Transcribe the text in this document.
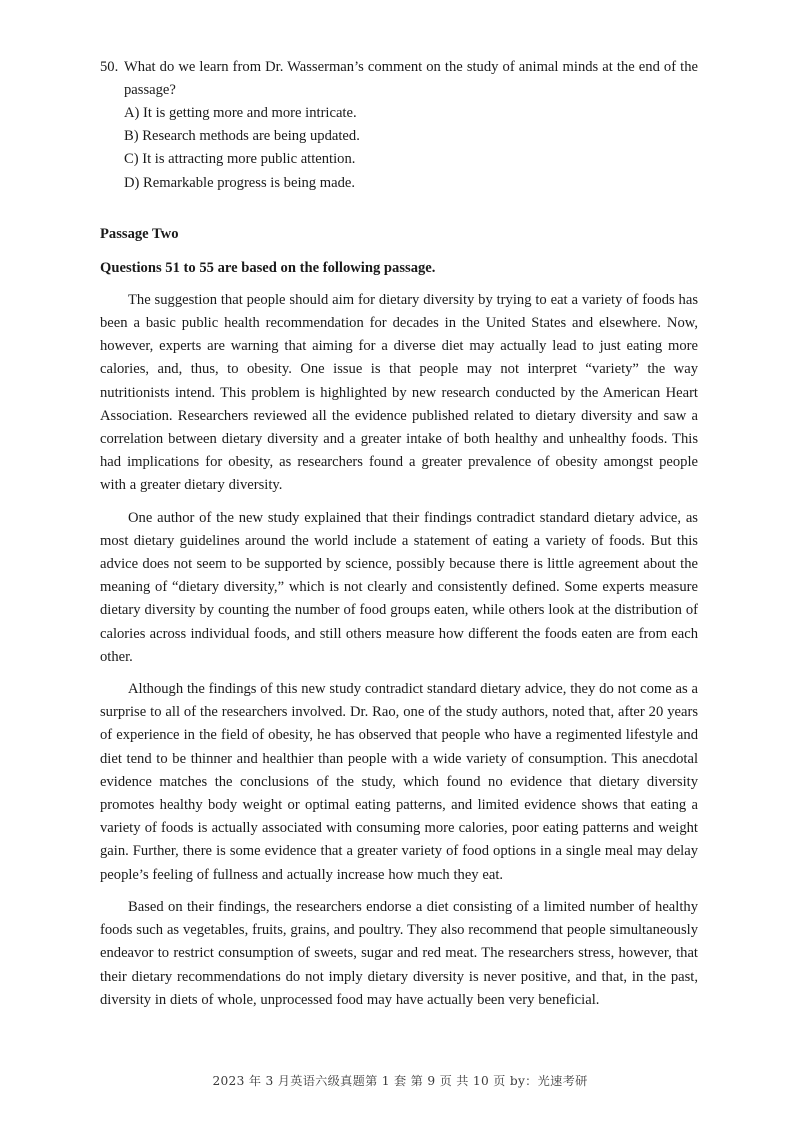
50. What do we learn from Dr. Wasserman’s comment on the study of animal minds at the end of the passage?
A) It is getting more and more intricate.
B) Research methods are being updated.
C) It is attracting more public attention.
D) Remarkable progress is being made.
Passage Two
Questions 51 to 55 are based on the following passage.

The suggestion that people should aim for dietary diversity by trying to eat a variety of foods has been a basic public health recommendation for decades in the United States and elsewhere. Now, however, experts are warning that aiming for a diverse diet may actually lead to just eating more calories, and, thus, to obesity. One issue is that people may not interpret “variety” the way nutritionists intend. This problem is highlighted by new research conducted by the American Heart Association. Researchers reviewed all the evidence published related to dietary diversity and saw a correlation between dietary diversity and a greater intake of both healthy and unhealthy foods. This had implications for obesity, as researchers found a greater prevalence of obesity amongst people with a greater dietary diversity.

One author of the new study explained that their findings contradict standard dietary advice, as most dietary guidelines around the world include a statement of eating a variety of foods. But this advice does not seem to be supported by science, possibly because there is little agreement about the meaning of “dietary diversity,” which is not clearly and consistently defined. Some experts measure dietary diversity by counting the number of food groups eaten, while others look at the distribution of calories across individual foods, and still others measure how different the foods eaten are from each other.

Although the findings of this new study contradict standard dietary advice, they do not come as a surprise to all of the researchers involved. Dr. Rao, one of the study authors, noted that, after 20 years of experience in the field of obesity, he has observed that people who have a regimented lifestyle and diet tend to be thinner and healthier than people with a wide variety of consumption. This anecdotal evidence matches the conclusions of the study, which found no evidence that dietary diversity promotes healthy body weight or optimal eating patterns, and limited evidence shows that eating a variety of foods is actually associated with consuming more calories, poor eating patterns and weight gain. Further, there is some evidence that a greater variety of food options in a single meal may delay people’s feeling of fullness and actually increase how much they eat.

Based on their findings, the researchers endorse a diet consisting of a limited number of healthy foods such as vegetables, fruits, grains, and poultry. They also recommend that people simultaneously endeavor to restrict consumption of sweets, sugar and red meat. The researchers stress, however, that their dietary recommendations do not imply dietary diversity is never positive, and that, in the past, diversity in diets of whole, unprocessed food may have actually been very beneficial.

2023 年 3 月英语六级真题第 1 套 第 9 页 共 10 页 by：光速考研
